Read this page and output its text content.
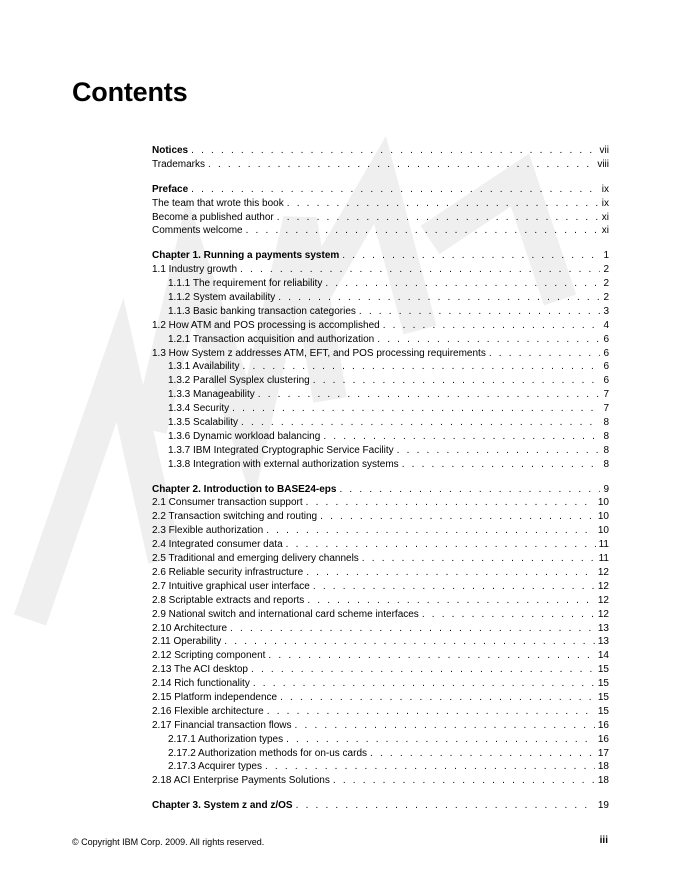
Contents
Notices . . .	vii
Trademarks . . .	viii
Preface . . .	ix
The team that wrote this book . . .	ix
Become a published author . . .	xi
Comments welcome . . .	xi
Chapter 1. Running a payments system . . .	1
1.1 Industry growth . . .	2
1.1.1 The requirement for reliability . . .	2
1.1.2 System availability . . .	2
1.1.3 Basic banking transaction categories . . .	3
1.2 How ATM and POS processing is accomplished . . .	4
1.2.1 Transaction acquisition and authorization . . .	6
1.3 How System z addresses ATM, EFT, and POS processing requirements . . .	6
1.3.1 Availability . . .	6
1.3.2 Parallel Sysplex clustering . . .	6
1.3.3 Manageability . . .	7
1.3.4 Security . . .	7
1.3.5 Scalability . . .	8
1.3.6 Dynamic workload balancing . . .	8
1.3.7 IBM Integrated Cryptographic Service Facility . . .	8
1.3.8 Integration with external authorization systems . . .	8
Chapter 2. Introduction to BASE24-eps . . .	9
2.1 Consumer transaction support . . .	10
2.2 Transaction switching and routing . . .	10
2.3 Flexible authorization . . .	10
2.4 Integrated consumer data . . .	11
2.5 Traditional and emerging delivery channels . . .	11
2.6 Reliable security infrastructure . . .	12
2.7 Intuitive graphical user interface . . .	12
2.8 Scriptable extracts and reports . . .	12
2.9 National switch and international card scheme interfaces . . .	12
2.10 Architecture . . .	13
2.11 Operability . . .	13
2.12 Scripting component . . .	14
2.13 The ACI desktop . . .	15
2.14 Rich functionality . . .	15
2.15 Platform independence . . .	15
2.16 Flexible architecture . . .	15
2.17 Financial transaction flows . . .	16
2.17.1 Authorization types . . .	16
2.17.2 Authorization methods for on-us cards . . .	17
2.17.3 Acquirer types . . .	18
2.18 ACI Enterprise Payments Solutions . . .	18
Chapter 3. System z and z/OS . . .	19
© Copyright IBM Corp. 2009. All rights reserved.	iii
